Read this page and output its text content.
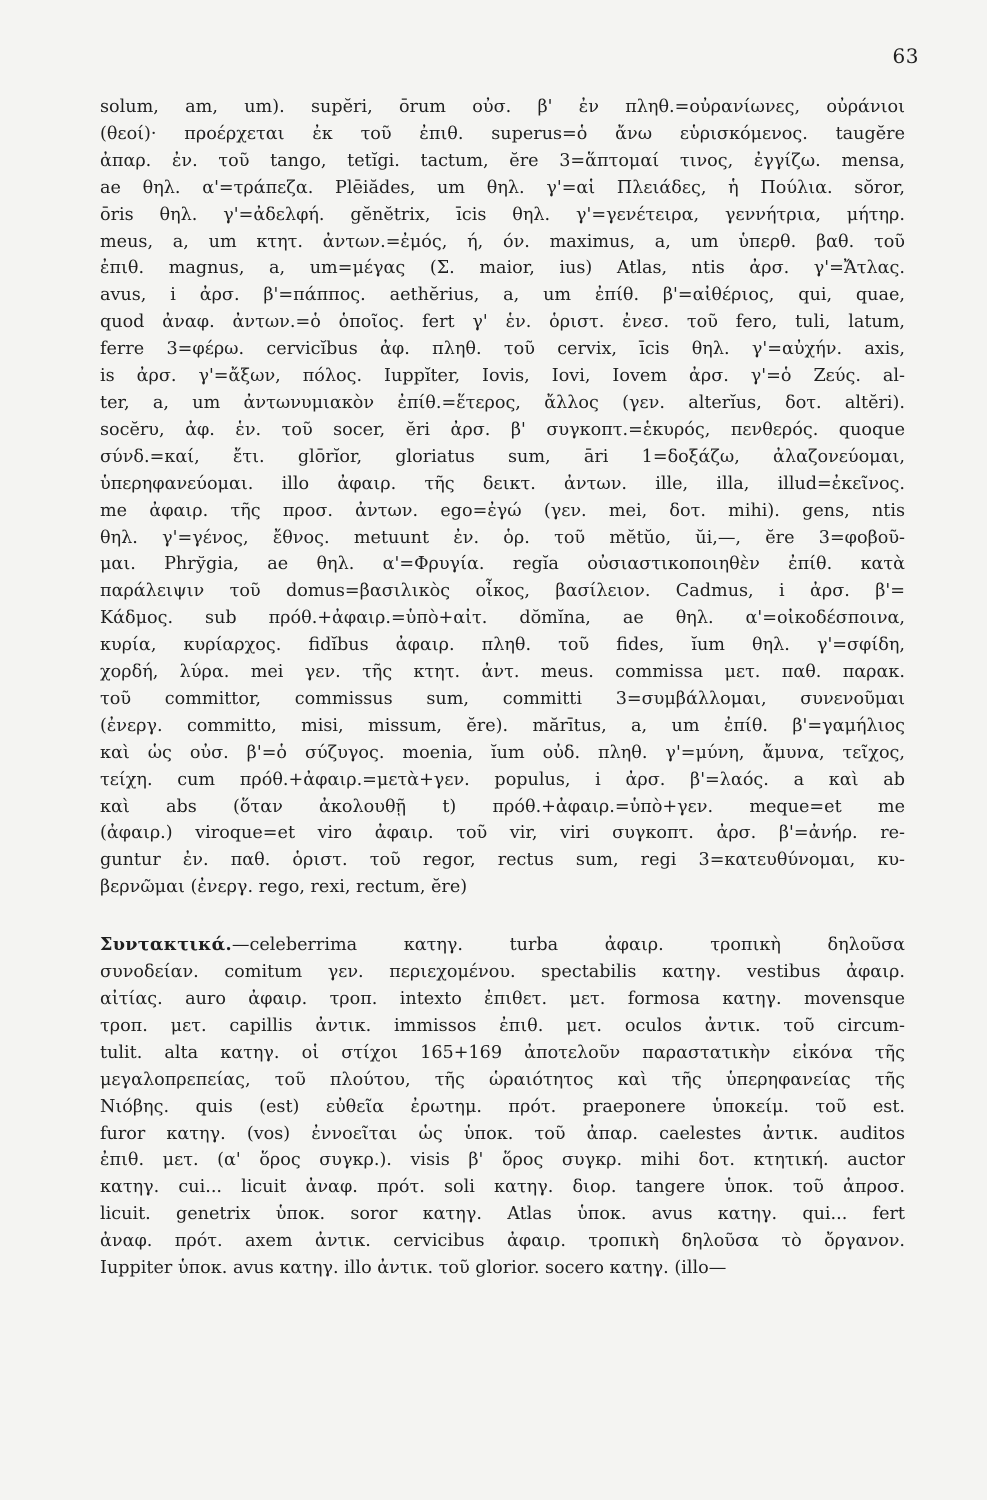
63
solum, am, um). supĕri, ōrum οὐσ. β' ἐν πληθ.=οὐρανίωνες, οὐράνιοι
(θεοί)· προέρχεται ἐκ τοῦ ἐπιθ. superus=ὁ ἄνω εὑρισκόμενος. taugĕre
ἀπαρ. ἐν. τοῦ tango, tetĭgi. tactum, ĕre 3=ἅπτομαί τινος, ἐγγίζω. mensa,
ae θηλ. α'=τράπεζα. Plēiădes, um θηλ. γ'=αἱ Πλειάδες, ἡ Πούλια. sŏror,
ōris θηλ. γ'=ἀδελφή. gĕnĕtrix, īcis θηλ. γ'=γενέτειρα, γεννήτρια, μήτηρ.
meus, a, um κτητ. ἀντων.=ἐμός, ή, όν. maximus, a, um ὑπερθ. βαθ. τοῦ
ἐπιθ. magnus, a, um=μέγας (Σ. maior, ius) Atlas, ntis ἀρσ. γ'=Ἄτλας.
avus, i ἀρσ. β'=πάππος. aethĕrius, a, um ἐπίθ. β'=αἰθέριος, qui, quae,
quod ἀναφ. ἀντων.=ὁ ὁποῖος. fert γ' ἑν. ὁριστ. ἐνεσ. τοῦ fero, tuli, latum,
ferre 3=φέρω. cervicĭbus ἀφ. πληθ. τοῦ cervix, īcis θηλ. γ'=αὐχήν. axis,
is ἀρσ. γ'=ἄξων, πόλος. Iuppĭter, Iovis, Iovi, Iovem ἀρσ. γ'=ὁ Ζεύς. al-
ter, a, um ἀντωνυμιακὸν ἐπίθ.=ἕτερος, ἄλλος (γεν. alterĭus, δοτ. altĕri).
socĕrυ, ἀφ. ἑν. τοῦ socer, ĕri ἀρσ. β' συγκοπτ.=ἑκυρός, πενθερός. quoque
σύνδ.=καί, ἔτι. glōrĭor, gloriatus sum, āri 1=δοξάζω, ἀλαζονεύομαι,
ὑπερηφανεύομαι. illo ἀφαιρ. τῆς δεικτ. ἀντων. ille, illa, illud=ἐκεῖνος.
me ἀφαιρ. τῆς προσ. ἀντων. ego=ἐγώ (γεν. mei, δοτ. mihi). gens, ntis
θηλ. γ'=γένος, ἔθνος. metuunt ἐν. ὁρ. τοῦ mĕtŭo, ŭi,—, ĕre 3=φοβοῦ-
μαι. Phrўgia, ae θηλ. α'=Φρυγία. regĭa οὐσιαστικοποιηθὲν ἐπίθ. κατὰ
παράλειψιν τοῦ domus=βασιλικὸς οἶκος, βασίλειον. Cadmus, i ἀρσ. β'=
Κάδμος. sub πρόθ.+ἀφαιρ.=ὑπὸ+αἰτ. dŏmĭna, ae θηλ. α'=οἰκοδέσποινα,
κυρία, κυρίαρχος. fidĭbus ἀφαιρ. πληθ. τοῦ fides, ĭum θηλ. γ'=σφίδη,
χορδή, λύρα. mei γεν. τῆς κτητ. ἀντ. meus. commissa μετ. παθ. παρακ.
τοῦ committor, commissus sum, committi 3=συμβάλλομαι, συνενοῦμαι
(ἐνεργ. committo, misi, missum, ĕre). mărītus, a, um ἐπίθ. β'=γαμήλιος
καὶ ὡς οὐσ. β'=ὁ σύζυγος. moenia, ĭum οὐδ. πληθ. γ'=μύνη, ἄμυνα, τεῖχος,
τείχη. cum πρόθ.+ἀφαιρ.=μετὰ+γεν. populus, i ἀρσ. β'=λαός. a καὶ ab
καὶ abs (ὅταν ἀκολουθῇ t) πρόθ.+ἀφαιρ.=ὑπὸ+γεν. meque=et me
(ἀφαιρ.) viroque=et viro ἀφαιρ. τοῦ vir, viri συγκοπτ. ἀρσ. β'=ἀνήρ. re-
guntur ἐν. παθ. ὁριστ. τοῦ regor, rectus sum, regi 3=κατευθύνομαι, κυ-
βερνῶμαι (ἐνεργ. rego, rexi, rectum, ĕre)
Συντακτικά.—celeberrima κατηγ. turba ἀφαιρ. τροπικὴ δηλοῦσα
συνοδείαν. comitum γεν. περιεχομένου. spectabilis κατηγ. vestibus ἀφαιρ.
αἰτίας. auro ἀφαιρ. τροπ. intexto ἐπιθετ. μετ. formosa κατηγ. movensque
τροπ. μετ. capillis ἀντικ. immissos ἐπιθ. μετ. oculos ἀντικ. τοῦ circum-
tulit. alta κατηγ. οἱ στίχοι 165+169 ἀποτελοῦν παραστατικὴν εἰκόνα τῆς
μεγαλοπρεπείας, τοῦ πλούτου, τῆς ὡραιότητος καὶ τῆς ὑπερηφανείας τῆς
Νιόβης. quis (est) εὐθεῖα ἐρωτημ. πρότ. praeponere ὑποκείμ. τοῦ est.
furor κατηγ. (vos) ἐννοεῖται ὡς ὑποκ. τοῦ ἀπαρ. caelestes ἀντικ. auditos
ἐπιθ. μετ. (α' ὅρος συγκρ.). visis β' ὅρος συγκρ. mihi δοτ. κτητική. auctor
κατηγ. cui... licuit ἀναφ. πρότ. soli κατηγ. διορ. tangere ὑποκ. τοῦ ἀπροσ.
licuit. genetrix ὑποκ. soror κατηγ. Atlas ὑποκ. avus κατηγ. qui... fert
ἀναφ. πρότ. axem ἀντικ. cervicibus ἀφαιρ. τροπικὴ δηλοῦσα τὸ ὄργανον.
Iuppiter ὑποκ. avus κατηγ. illo ἀντικ. τοῦ glorior. socero κατηγ. (illo—
